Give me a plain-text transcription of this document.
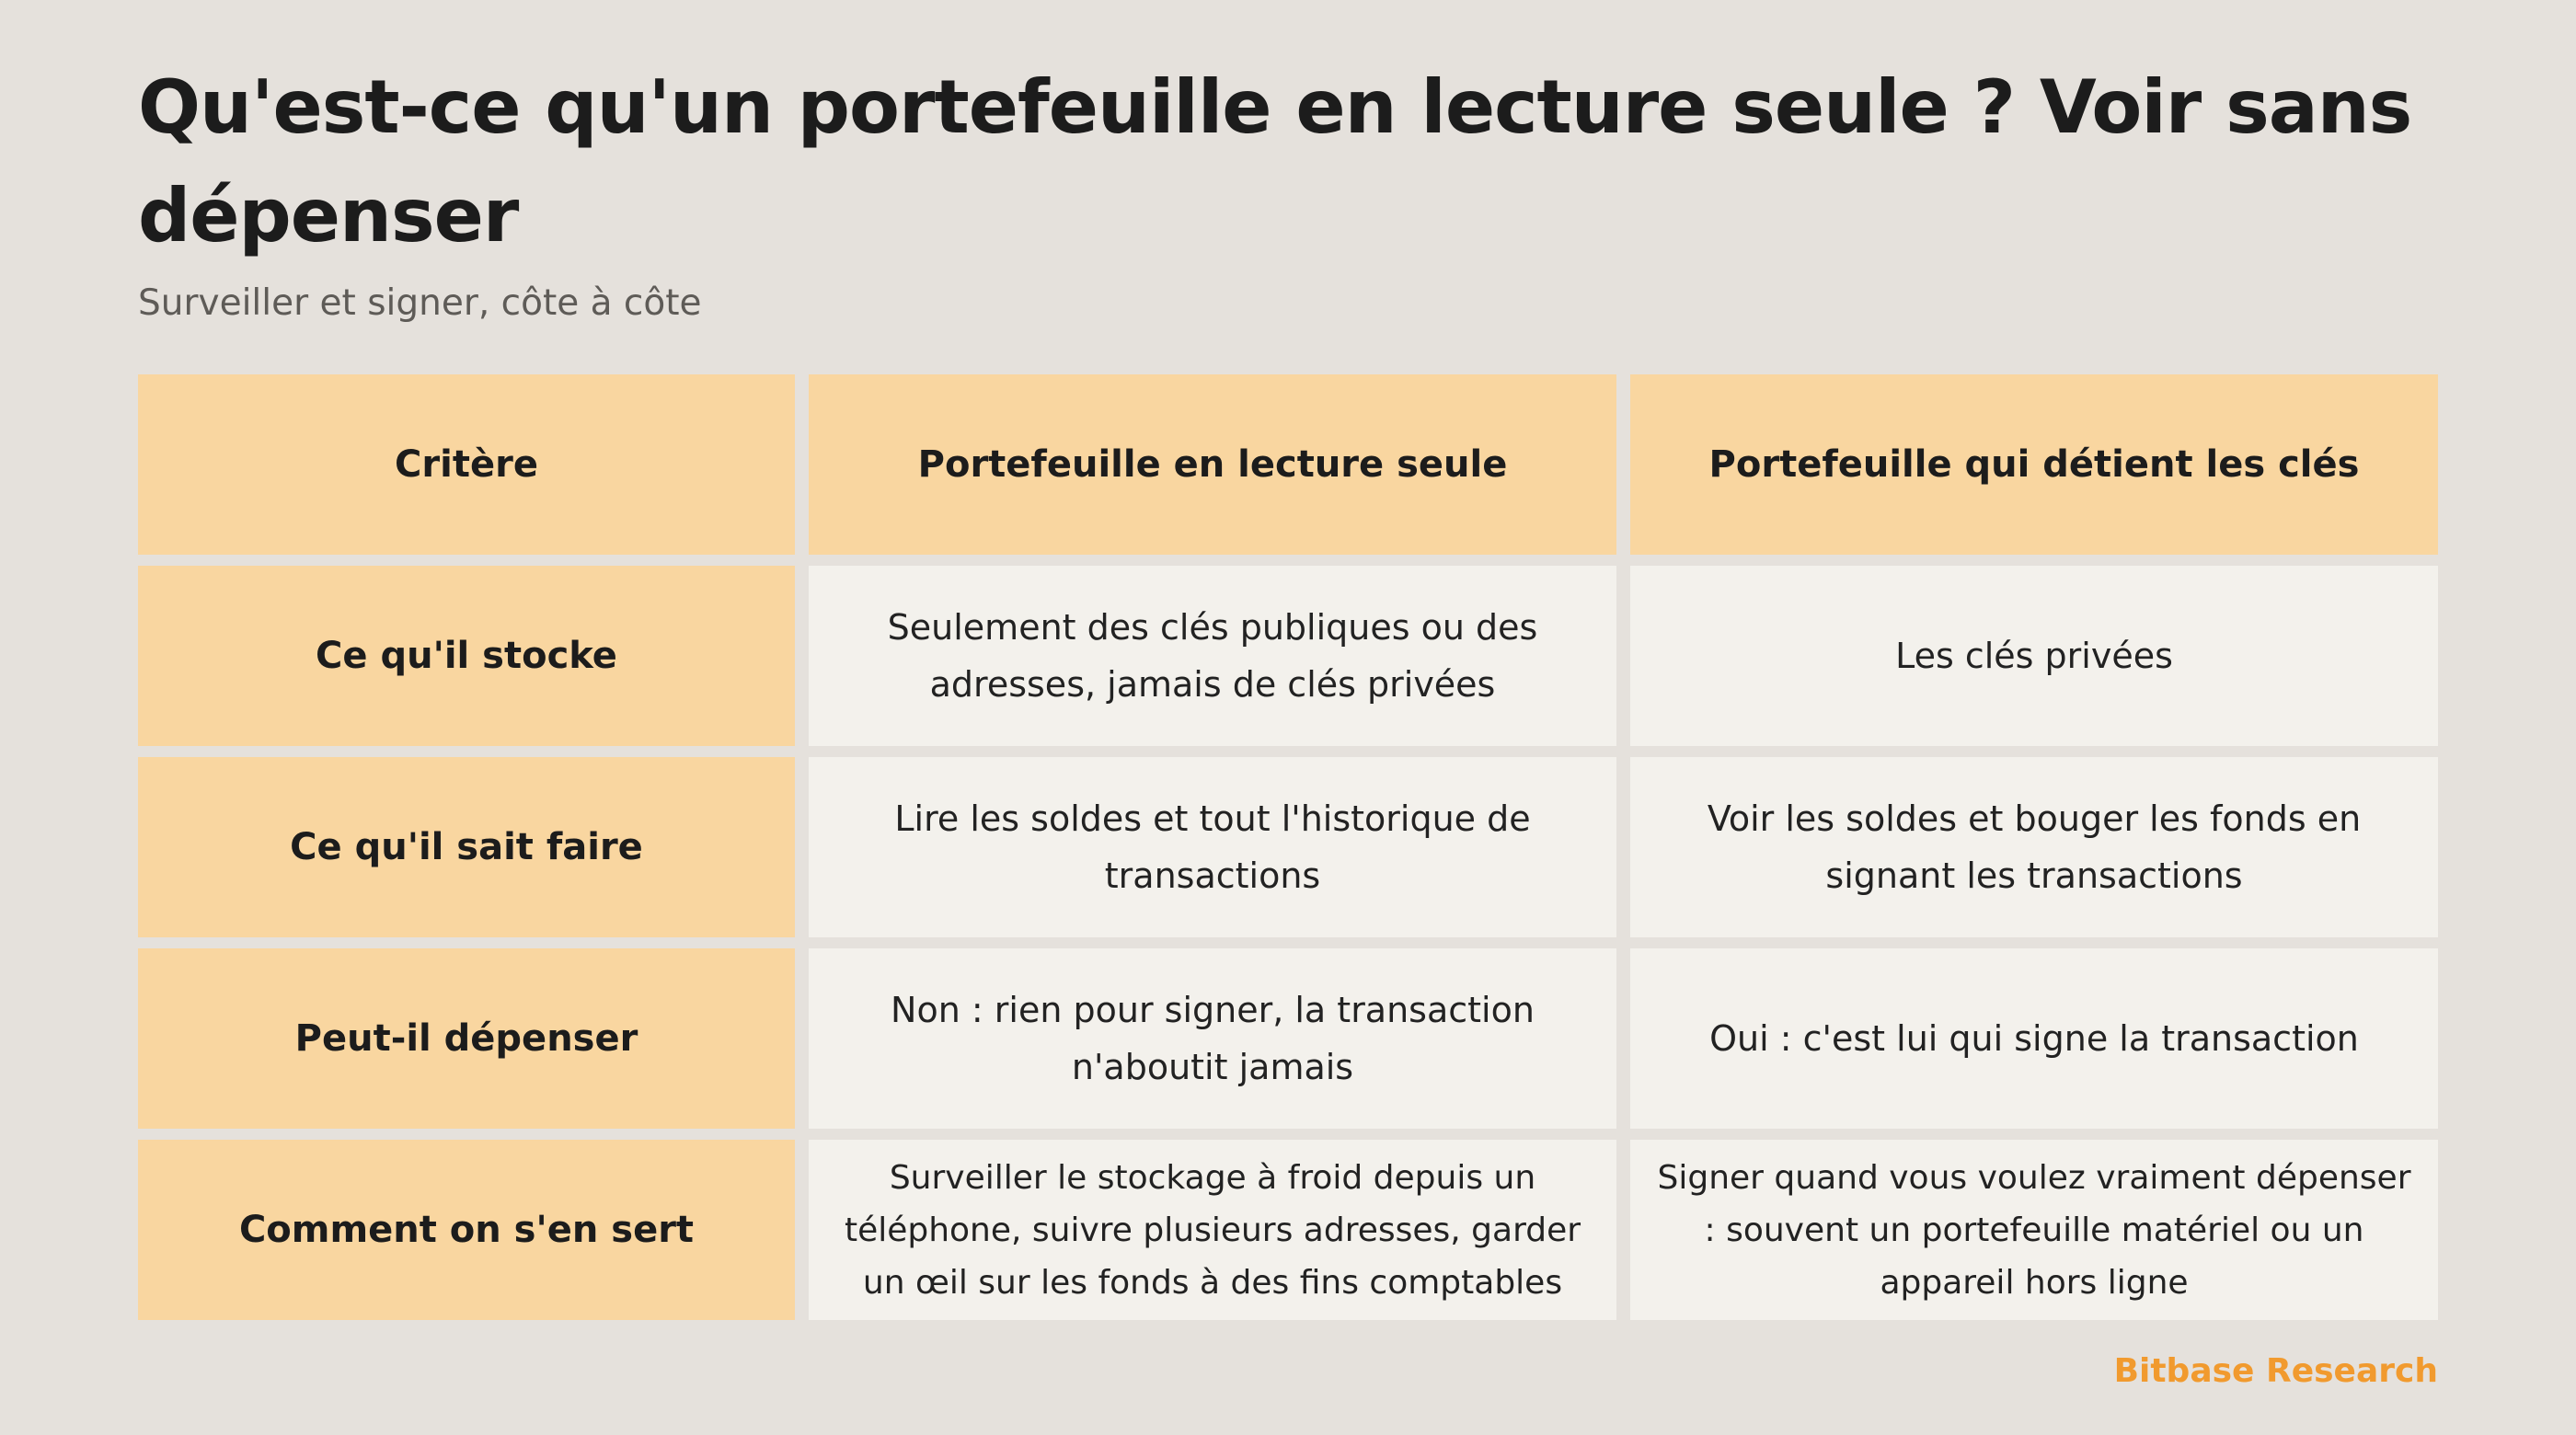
Qu'est-ce qu'un portefeuille en lecture seule ? Voir sans dépenser
Surveiller et signer, côte à côte
Critère	Portefeuille en lecture seule	Portefeuille qui détient les clés
Ce qu'il stocke
Seulement des clés publiques ou des adresses, jamais de clés privées
Les clés privées
Ce qu'il sait faire
Lire les soldes et tout l'historique de transactions
Voir les soldes et bouger les fonds en signant les transactions
Peut-il dépenser
Non : rien pour signer, la transaction n'aboutit jamais
Oui : c'est lui qui signe la transaction
Comment on s'en sert
Surveiller le stockage à froid depuis un téléphone, suivre plusieurs adresses, garder un œil sur les fonds à des fins comptables
Signer quand vous voulez vraiment dépenser : souvent un portefeuille matériel ou un appareil hors ligne
Bitbase Research
